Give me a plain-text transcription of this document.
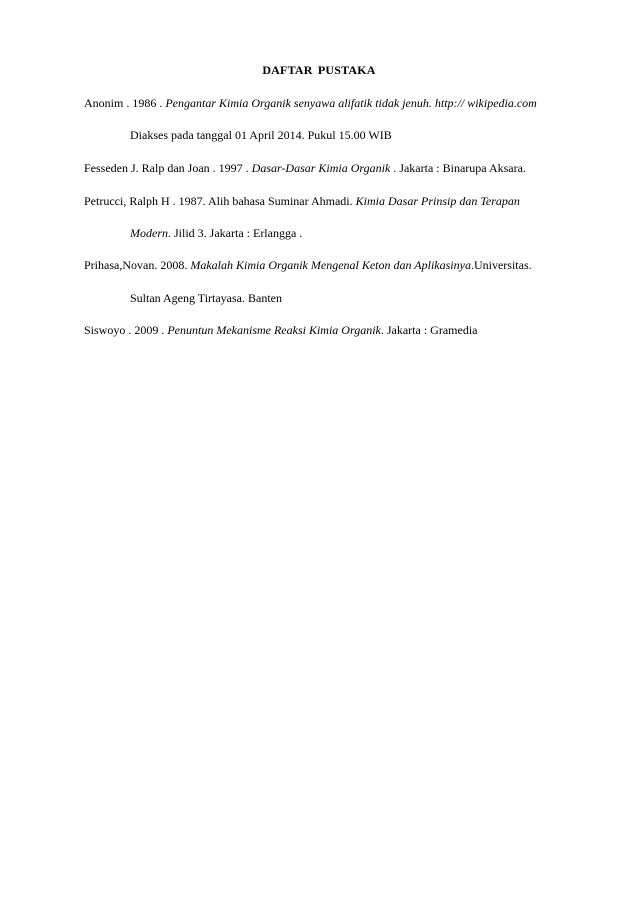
DAFTAR PUSTAKA
Anonim . 1986 . Pengantar Kimia Organik senyawa alifatik tidak jenuh. http:// wikipedia.com
Diakses pada tanggal 01 April 2014. Pukul 15.00 WIB
Fesseden J. Ralp dan Joan . 1997 . Dasar-Dasar Kimia Organik . Jakarta : Binarupa Aksara.
Petrucci, Ralph H . 1987. Alih bahasa Suminar Ahmadi. Kimia Dasar Prinsip dan Terapan
Modern. Jilid 3. Jakarta : Erlangga .
Prihasa,Novan. 2008. Makalah Kimia Organik Mengenal Keton dan Aplikasinya.Universitas.
Sultan Ageng Tirtayasa. Banten
Siswoyo . 2009 . Penuntun Mekanisme Reaksi Kimia Organik. Jakarta : Gramedia
